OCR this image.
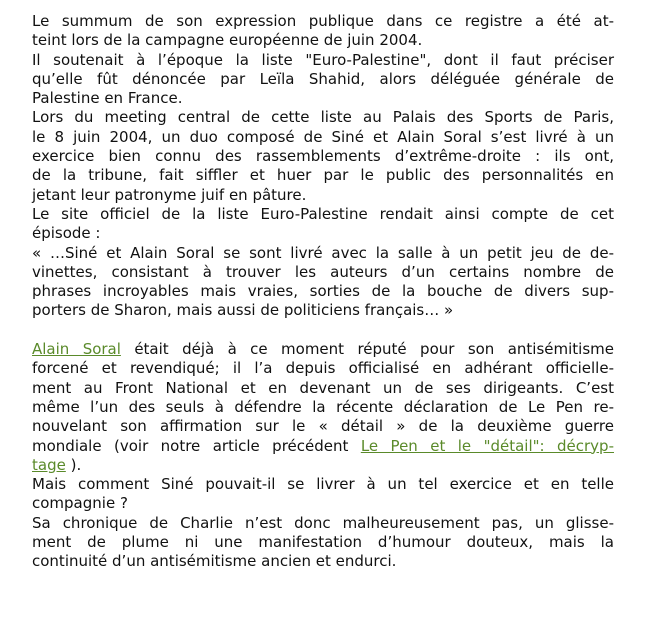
Le summum de son expression publique dans ce registre a été at-
teint lors de la campagne européenne de juin 2004.
Il soutenait à l’époque la liste "Euro-Palestine", dont il faut préciser
qu’elle fût dénoncée par Leïla Shahid, alors déléguée générale de
Palestine en France.
Lors du meeting central de cette liste au Palais des Sports de Paris,
le 8 juin 2004, un duo composé de Siné et Alain Soral s’est livré à un
exercice bien connu des rassemblements d’extrême-droite : ils ont,
de la tribune, fait siffler et huer par le public des personnalités en
jetant leur patronyme juif en pâture.
Le site officiel de la liste Euro-Palestine rendait ainsi compte de cet
épisode :
« …Siné et Alain Soral se sont livré avec la salle à un petit jeu de de-
vinettes, consistant à trouver les auteurs d’un certains nombre de
phrases incroyables mais vraies, sorties de la bouche de divers sup-
porters de Sharon, mais aussi de politiciens français… »
Alain Soral était déjà à ce moment réputé pour son antisémitisme
forcené et revendiqué; il l’a depuis officialisé en adhérant officielle-
ment au Front National et en devenant un de ses dirigeants. C’est
même l’un des seuls à défendre la récente déclaration de Le Pen re-
nouvelant son affirmation sur le « détail » de la deuxième guerre
mondiale (voir notre article précédent Le Pen et le "détail": décryp-
tage ).
Mais comment Siné pouvait-il se livrer à un tel exercice et en telle
compagnie ?
Sa chronique de Charlie n’est donc malheureusement pas, un glisse-
ment de plume ni une manifestation d’humour douteux, mais la
continuité d’un antisémitisme ancien et endurci.
